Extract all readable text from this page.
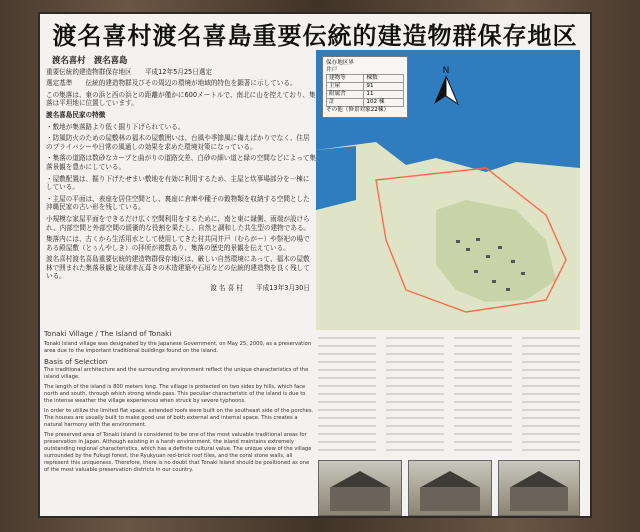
渡名喜村渡名喜島重要伝統的建造物群保存地区
渡名喜村　渡名喜島

重要伝統的建造物群保存地区　　平成12年5月25日選定

選定基準　　伝統的建造物群及びその周辺の環境が地域的特色を顕著に示している。

この集落は、東の浜と西の浜との距離が僅かに600メートルで、南北に山を控えており、集落は平坦地に位置しています。

渡名喜島民家の特徴

・敷地が集落路より低く掘り下げられている。

・防風防火のための屋敷林の福木の屋敷囲いは、台風や季節風に備えばかりでなく、住居のプライバシーや日常の風通しの効果を求めた環境対策になっている。

・集落の道路は数砂なカーブと曲がりの道路交差、白砂の細い道と緑の空間などによって集落景観を豊かにしている。

・屋敷配置は、掘り下げたせまい敷地を有効に利用するため、主屋と炊事場部分を一棟にしている。

・主屋の平面は、表座を居住空間とし、裏座に倉庫や種子の穀物類を収納する空間とした沖縄民家の古い形を残している。

小規模な家屋平面をできるだけ広く空間利用をするために、南と東に縁側、雨端が設けられ、内部空間と外部空間の緩衝的な役割を果たし、自然と調和した共生型の建物である。

集落内には、古くから生活用水として使用してきた村共同井戸（むらがー）や祭祀の場である殿屋敷（とぅんやしき）の拝所が複数あり、集落の歴史的景観を伝えている。

渡名喜村渡名喜島重要伝統的建造物群保存地区は、厳しい自然環境にあって、福木の屋敷林で囲まれた集落景観と琉球赤瓦葺きの木造建築や石垣などの伝統的建造物を良く残している。

渡 名 喜 村　　平成13年3月30日

保存地区界
井戸
建物等	棟数
主屋	91
附属舎	11
計	102 棟
その他（修景対象22棟）
N
Tonaki Village / The Island of Tonaki

Tonaki Island village was designated by the Japanese Government, on May 25, 2000, as a preservation area due to the important traditional buildings found on the island.

Basis of Selection

The traditional architecture and the surrounding environment reflect the unique characteristics of the island village.

The length of the island is 800 meters long. The village is protected on two sides by hills, which face north and south, through which strong winds pass. This peculiar characteristic of the island is due to the intense weather the village experiences when struck by severe typhoons.

In order to utilize the limited flat space, extended roofs were built on the southeast side of the porches. The houses are usually built to make good use of both external and internal space. This creates a natural harmony with the environment.

The preserved area of Tonaki Island is considered to be one of the most valuable traditional areas for preservation in Japan. Although existing in a harsh environment, the island maintains extremely outstanding regional characteristics, which has a definite cultural value. The unique view of the village surrounded by the Fukugi forest, the Ryukyuan red-brick roof tiles, and the coral stone walls, all represent this uniqueness. Therefore, there is no doubt that Tonaki Island should be positioned as one of the most valuable preservation districts in our country.
